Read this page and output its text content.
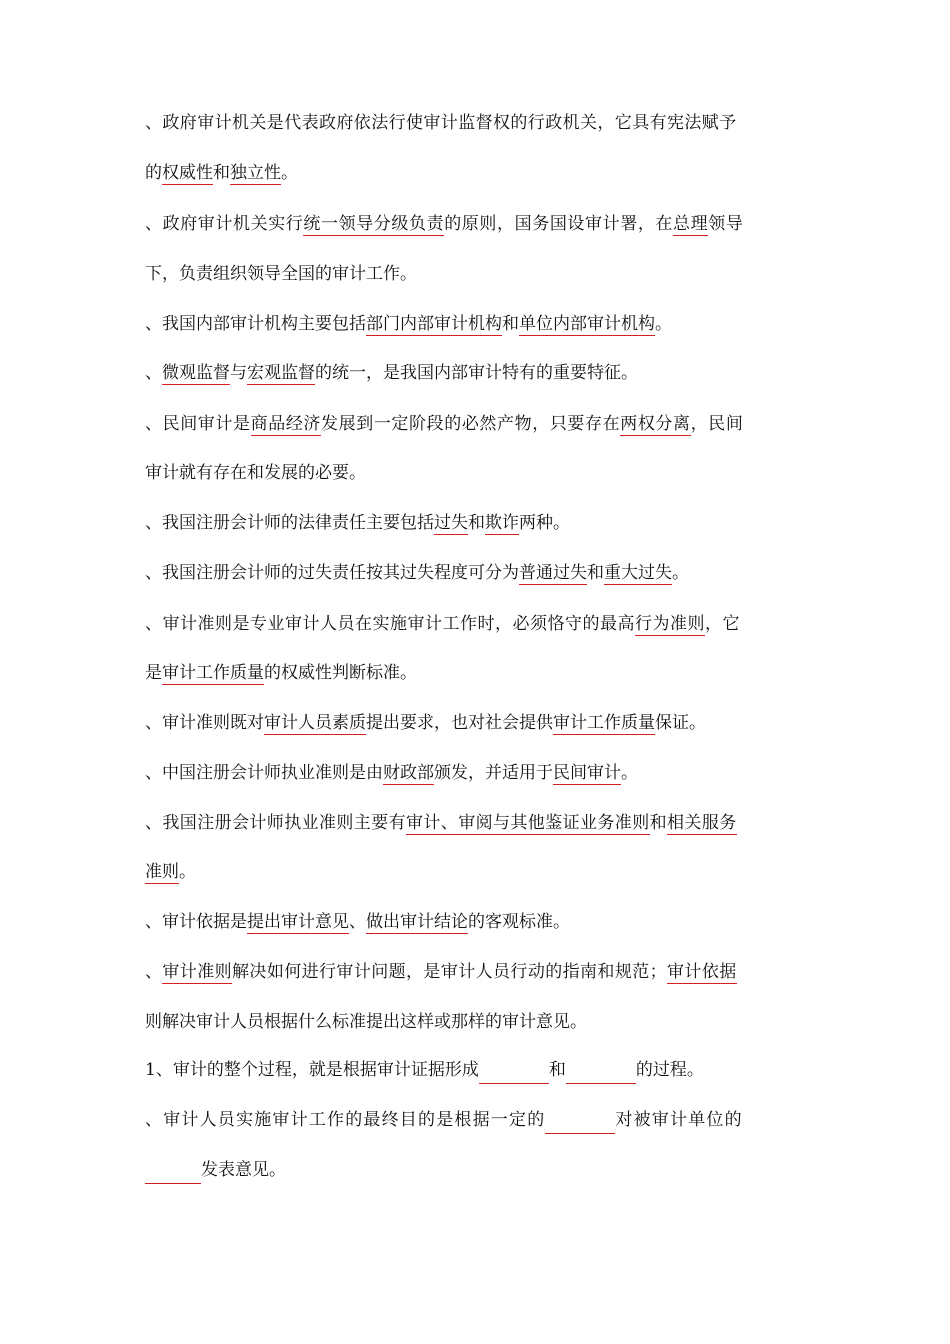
、政府审计机关是代表政府依法行使审计监督权的行政机关，它具有宪法赋予
的权威性和独立性。
、政府审计机关实行统一领导分级负责的原则，国务国设审计署，在总理领导
下，负责组织领导全国的审计工作。
、我国内部审计机构主要包括部门内部审计机构和单位内部审计机构。
、微观监督与宏观监督的统一，是我国内部审计特有的重要特征。
、民间审计是商品经济发展到一定阶段的必然产物，只要存在两权分离，民间
审计就有存在和发展的必要。
、我国注册会计师的法律责任主要包括过失和欺诈两种。
、我国注册会计师的过失责任按其过失程度可分为普通过失和重大过失。
、审计准则是专业审计人员在实施审计工作时，必须恪守的最高行为准则，它
是审计工作质量的权威性判断标准。
、审计准则既对审计人员素质提出要求，也对社会提供审计工作质量保证。
、中国注册会计师执业准则是由财政部颁发，并适用于民间审计。
、我国注册会计师执业准则主要有审计、审阅与其他鉴证业务准则和相关服务
准则。
、审计依据是提出审计意见、做出审计结论的客观标准。
、审计准则解决如何进行审计问题，是审计人员行动的指南和规范；审计依据
则解决审计人员根据什么标准提出这样或那样的审计意见。
1、审计的整个过程，就是根据审计证据形成	和	的过程。
、审计人员实施审计工作的最终目的是根据一定的	对被审计单位的
发表意见。
